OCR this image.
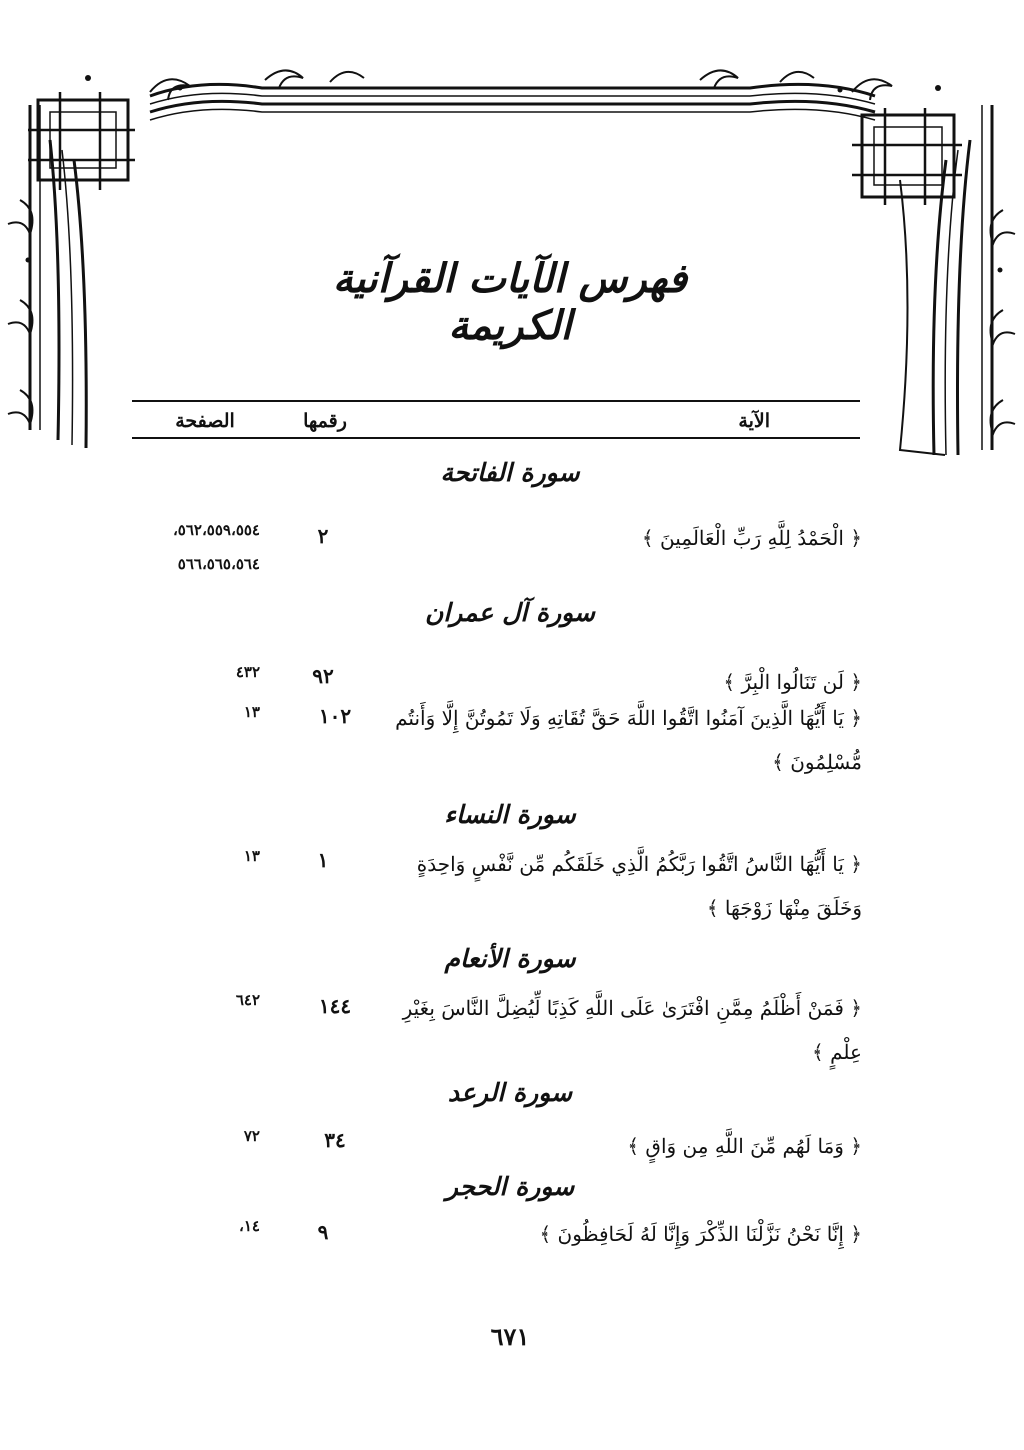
فهرس الآيات القرآنية الكريمة
الآية
رقمها
الصفحة
سورة الفاتحة
﴿ الْحَمْدُ لِلَّهِ رَبِّ الْعَالَمِينَ ﴾
٢
٥٦٢،٥٥٩،٥٥٤،
٥٦٦،٥٦٥،٥٦٤
سورة آل عمران
﴿ لَن تَنَالُوا الْبِرَّ ﴾
٩٢
٤٣٢
﴿ يَا أَيُّهَا الَّذِينَ آمَنُوا اتَّقُوا اللَّهَ حَقَّ تُقَاتِهِ وَلَا تَمُوتُنَّ إِلَّا وَأَنتُم مُّسْلِمُونَ ﴾
١٠٢
١٣
سورة النساء
﴿ يَا أَيُّهَا النَّاسُ اتَّقُوا رَبَّكُمُ الَّذِي خَلَقَكُم مِّن نَّفْسٍ وَاحِدَةٍ وَخَلَقَ مِنْهَا زَوْجَهَا ﴾
١
١٣
سورة الأنعام
﴿ فَمَنْ أَظْلَمُ مِمَّنِ افْتَرَىٰ عَلَى اللَّهِ كَذِبًا لِّيُضِلَّ النَّاسَ بِغَيْرِ عِلْمٍ ﴾
١٤٤
٦٤٢
سورة الرعد
﴿ وَمَا لَهُم مِّنَ اللَّهِ مِن وَاقٍ ﴾
٣٤
٧٢
سورة الحجر
﴿ إِنَّا نَحْنُ نَزَّلْنَا الذِّكْرَ وَإِنَّا لَهُ لَحَافِظُونَ ﴾
٩
١٤،
٦٧١
